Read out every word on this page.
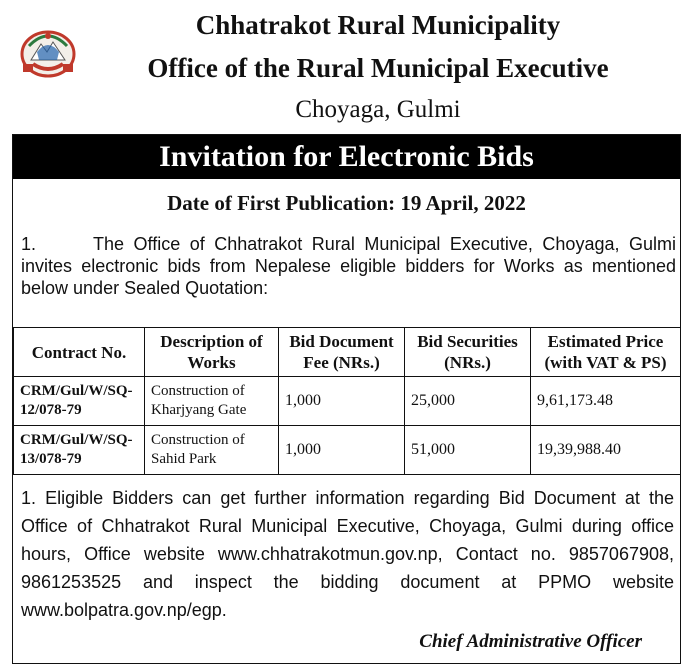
Chhatrakot Rural Municipality
Office of the Rural Municipal Executive
Choyaga, Gulmi
Invitation for Electronic Bids
Date of First Publication: 19 April, 2022
1.	The Office of Chhatrakot Rural Municipal Executive, Choyaga, Gulmi invites electronic bids from Nepalese eligible bidders for Works as mentioned below under Sealed Quotation:
Contract No.	Description of Works	Bid Document Fee (NRs.)	Bid Securities (NRs.)	Estimated Price (with VAT & PS)
CRM/Gul/W/SQ-12/078-79	Construction of Kharjyang Gate	1,000	25,000	9,61,173.48
CRM/Gul/W/SQ-13/078-79	Construction of Sahid Park	1,000	51,000	19,39,988.40
1. Eligible Bidders can get further information regarding Bid Document at the Office of Chhatrakot Rural Municipal Executive, Choyaga, Gulmi during office hours, Office website www.chhatrakotmun.gov.np, Contact no. 9857067908, 9861253525 and inspect the bidding document at PPMO website www.bolpatra.gov.np/egp.
Chief Administrative Officer
